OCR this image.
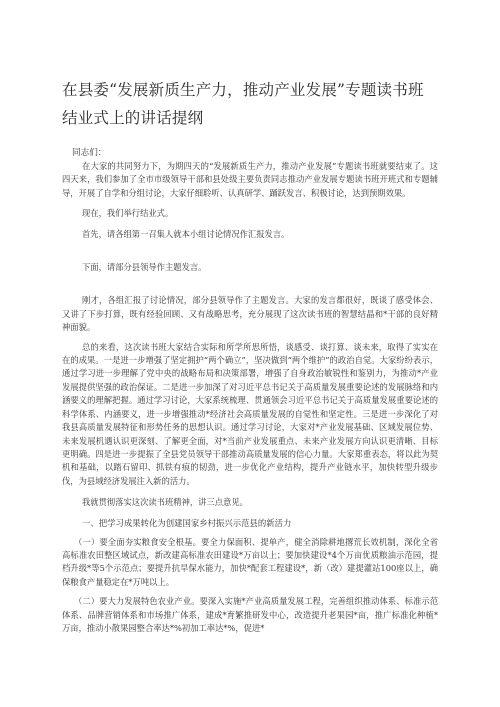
在县委“发展新质生产力，推动产业发展”专题读书班结业式上的讲话提纲
同志们：

在大家的共同努力下，为期四天的“发展新质生产力，推动产业发展”专题读书班就要结束了。这四天来，我们参加了全市市级领导干部和县处级主要负责同志推动产业发展专题读书班开班式和专题辅导，开展了自学和分组讨论，大家仔细聆听、认真研学、踊跃发言、积极讨论，达到预期效果。

现在，我们举行结业式。

首先，请各组第一召集人就本小组讨论情况作汇报发言。

下面，请部分县领导作主题发言。

刚才，各组汇报了讨论情况，部分县领导作了主题发言。大家的发言都很好，既谈了感受体会、又讲了下步打算，既有经验回顾、又有战略思考，充分展现了这次读书班的智慧结晶和*干部的良好精神面貌。

总的来看，这次读书班大家结合实际和所学所思所悟，谈感受、谈打算、谈未来，取得了实实在在的成果。一是进一步增强了坚定拥护“两个确立”，坚决做到“两个维护”的政治自觉。大家纷纷表示，通过学习进一步理解了党中央的战略布局和决策部署，增强了自身政治敏锐性和鉴别力，为推动*产业发展提供坚强的政治保证。二是进一步加深了对习近平总书记关于高质量发展重要论述的发展脉络和内涵要义的理解把握。通过学习讨论，大家系统梳理、贯通领会习近平总书记关于高质量发展重要论述的科学体系、内涵要义，进一步增强推动*经济社会高质量发展的自觉性和坚定性。三是进一步深化了对我县高质量发展特征和形势任务的思想认识。通过学习讨论，大家对*产业发展基础、区域发展位势、未来发展机遇认识更深刻、了解更全面，对*当前产业发展重点、未来产业发展方向认识更清晰、目标更明确。四是进一步提振了全县党员领导干部推动高质量发展的信心力量。大家郑重表态，将以此为契机和基础，以踏石留印、抓铁有痕的韧劲，进一步优化产业结构，提升产业链水平，加快转型升级步伐，为县域经济发展注入新的活力。

我就贯彻落实这次读书班精神，讲三点意见。

一、把学习成果转化为创建国家乡村振兴示范县的新活力

（一）要全面夯实粮食安全根基。要全力保面积、提单产，健全消除耕地撂荒长效机制，深化全省高标准农田整区域试点，新改建高标准农田建设*万亩以上；要加快建设*4个万亩优质粮油示范园，提档升级*等5个示范点；要提升抗旱保水能力，加快*配套工程建设*，新（改）建提灌站100座以上，确保粮食产量稳定在*万吨以上。

（二）要大力发展特色农业产业。要深入实施*产业高质量发展工程，完善组织推动体系、标准示范体系、品牌营销体系和市场推广体系，建成*育繁推研发中心，改造提升老果园*亩，推广标准化种植*万亩，推动小散果园整合率达*%初加工率达*%，促进*
